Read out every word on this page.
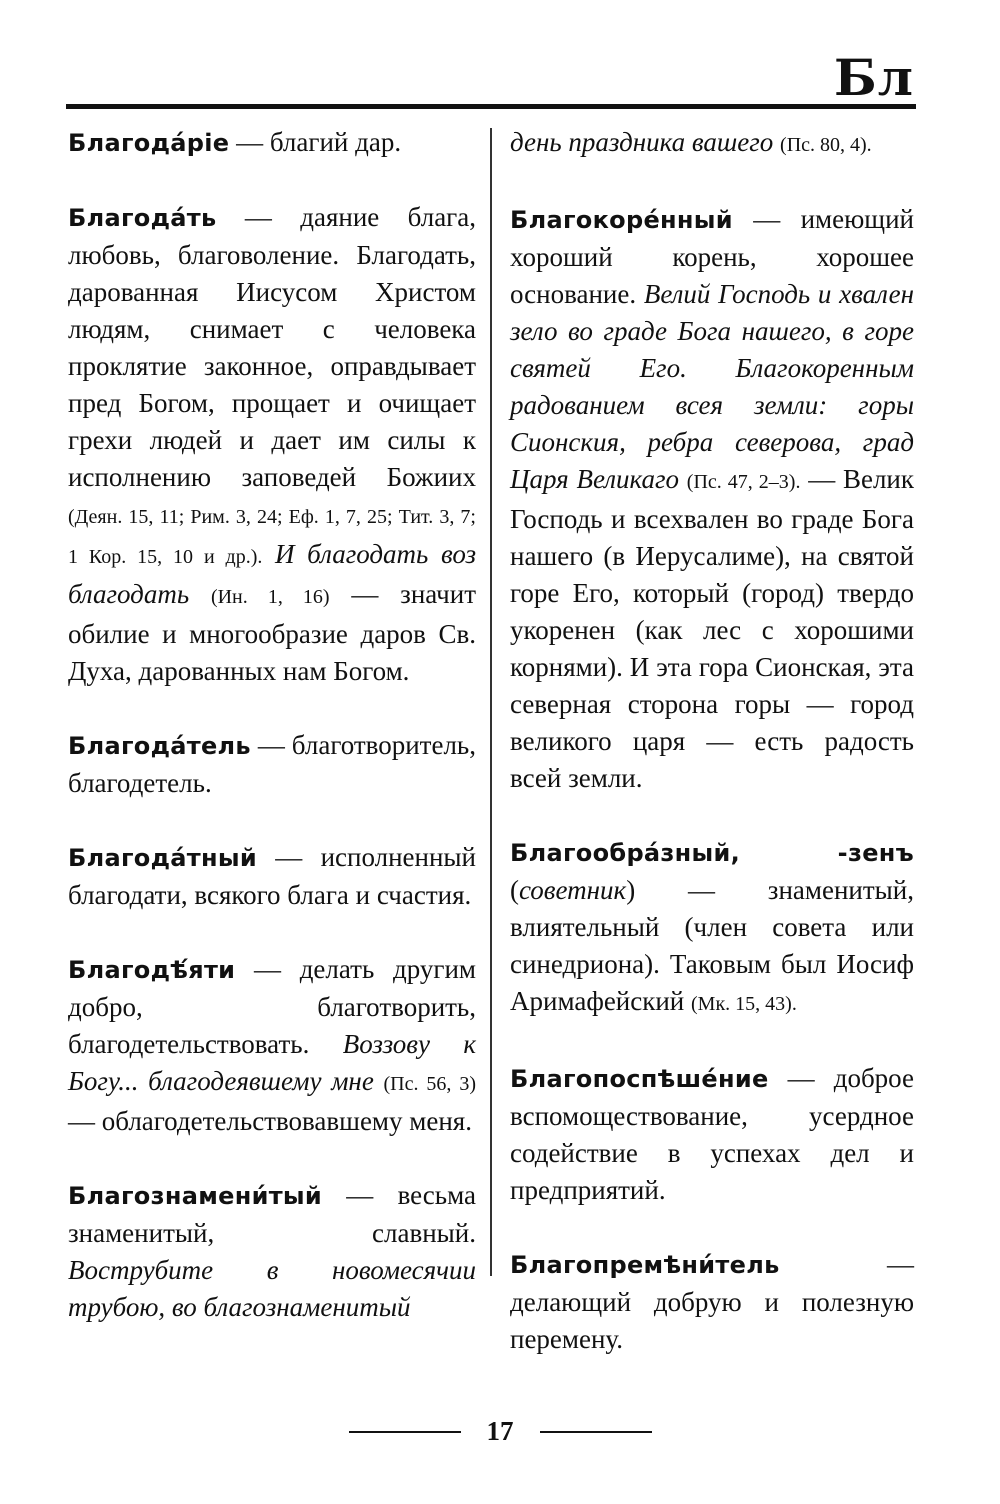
Бл

Благода́ріе — благий дар.

Благода́ть — даяние блага, любовь, благоволение. Благодать, дарованная Иисусом Христом людям, снимает с человека проклятие законное, оправдывает пред Богом, прощает и очищает грехи людей и дает им силы к исполнению заповедей Божиих (Деян. 15, 11; Рим. 3, 24; Еф. 1, 7, 25; Тит. 3, 7; 1 Кор. 15, 10 и др.). И благодать воз благодать (Ин. 1, 16) — значит обилие и многообразие даров Св. Духа, дарованных нам Богом.

Благода́тель — благотворитель, благодетель.

Благода́тный — исполненный благодати, всякого блага и счастия.

Благодѣ́яти — делать другим добро, благотворить, благодетельствовать. Воззову к Богу... благодеявшему мне (Пс. 56, 3) — облагодетельствовавшему меня.

Благознамени́тый — весьма знаменитый, славный. Вострубите в новомесячии трубою, во благознаменитый

день праздника вашего (Пс. 80, 4).

Благокоре́нный — имеющий хороший корень, хорошее основание. Велий Господь и хвален зело во граде Бога нашего, в горе святей Его. Благокоренным радованием всея земли: горы Сионския, ребра северова, град Царя Великаго (Пс. 47, 2–3). — Велик Господь и всехвален во граде Бога нашего (в Иерусалиме), на святой горе Его, который (город) твердо укоренен (как лес с хорошими корнями). И эта гора Сионская, эта северная сторона горы — город великого царя — есть радость всей земли.

Благообра́зный, -зенъ (советник) — знаменитый, влиятельный (член совета или синедриона). Таковым был Иосиф Аримафейский (Мк. 15, 43).

Благопоспѣше́ние — доброе вспомоществование, усердное содействие в успехах дел и предприятий.

Благопремѣни́тель — делающий добрую и полезную перемену.

17
